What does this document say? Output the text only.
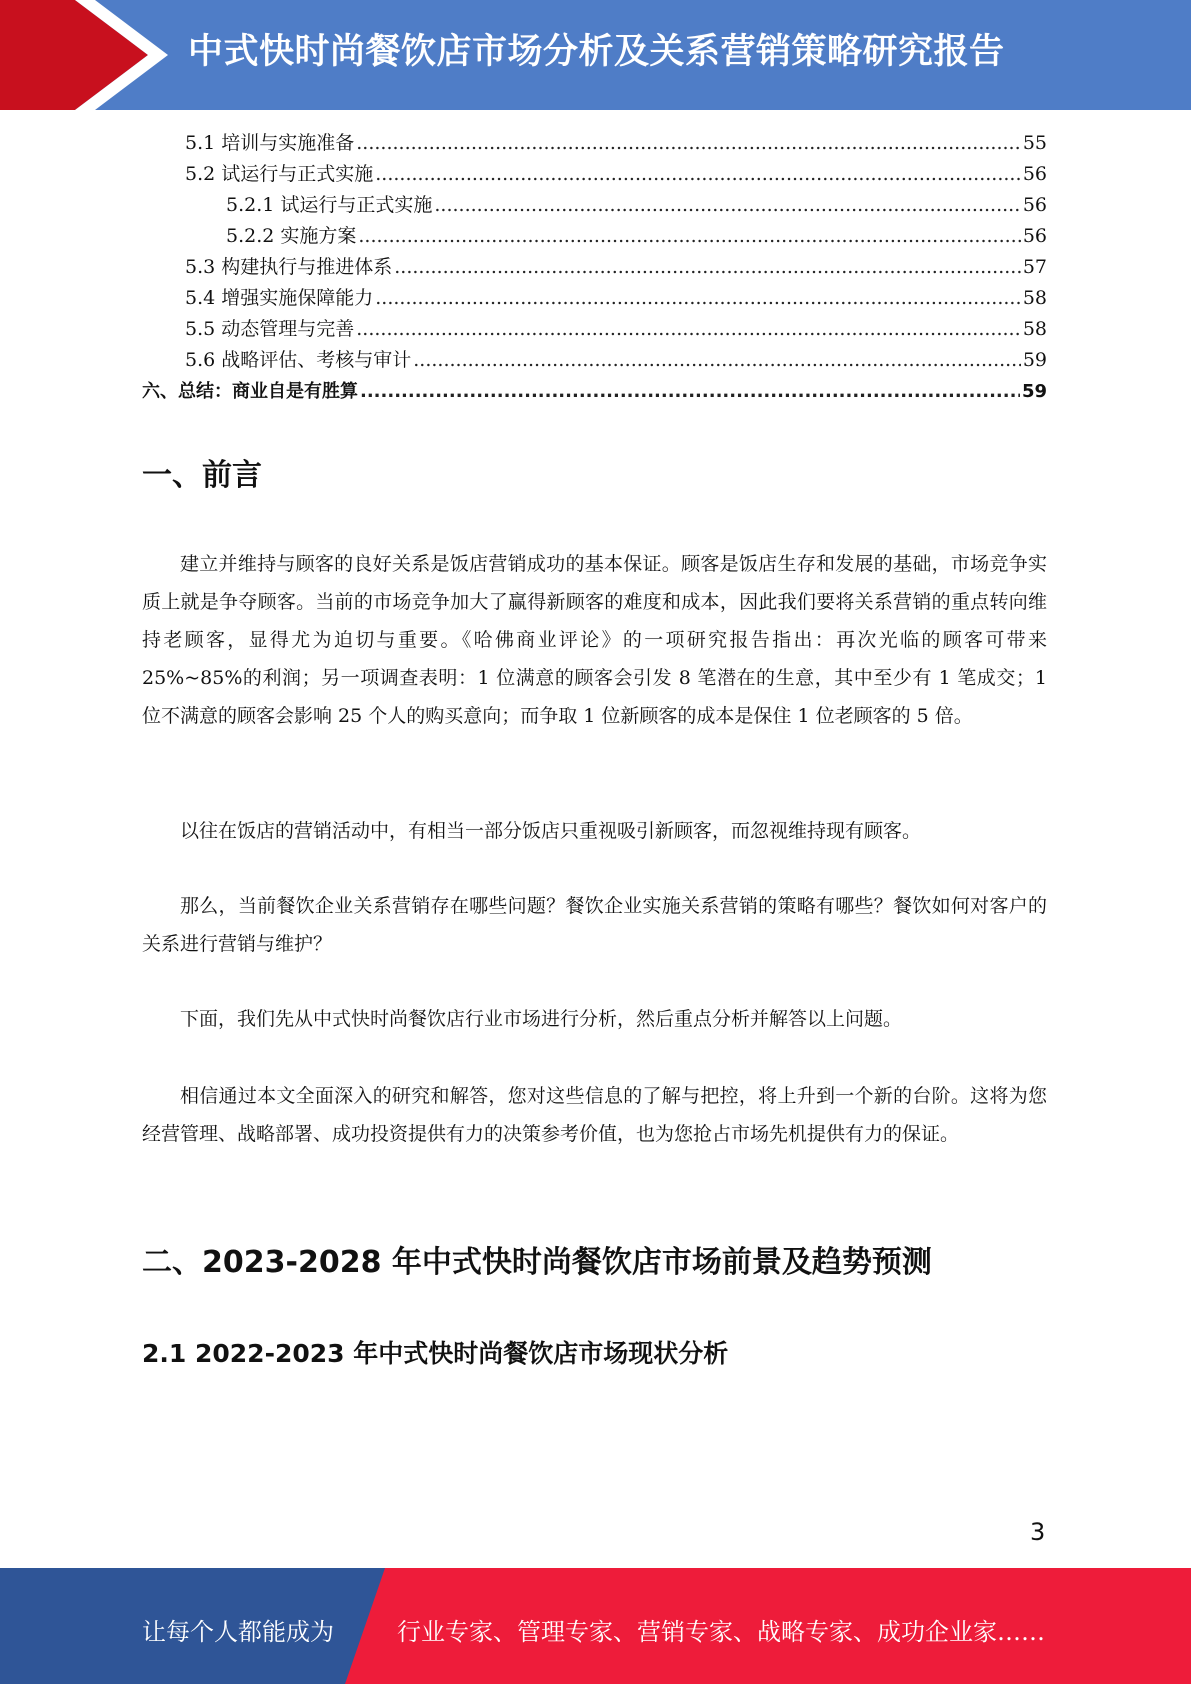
中式快时尚餐饮店市场分析及关系营销策略研究报告
5.1 培训与实施准备 .....	55
5.2 试运行与正式实施 .....	56
5.2.1 试运行与正式实施 .....	56
5.2.2 实施方案 .....	56
5.3 构建执行与推进体系 .....	57
5.4 增强实施保障能力 .....	58
5.5 动态管理与完善 .....	58
5.6 战略评估、考核与审计 .....	59
六、总结：商业自是有胜算 .....	59
一、前言
建立并维持与顾客的良好关系是饭店营销成功的基本保证。顾客是饭店生存和发展的基础，市场竞争实质上就是争夺顾客。当前的市场竞争加大了赢得新顾客的难度和成本，因此我们要将关系营销的重点转向维持老顾客，显得尤为迫切与重要。《哈佛商业评论》的一项研究报告指出：再次光临的顾客可带来 25%~85%的利润；另一项调查表明：1 位满意的顾客会引发 8 笔潜在的生意，其中至少有 1 笔成交；1 位不满意的顾客会影响 25 个人的购买意向；而争取 1 位新顾客的成本是保住 1 位老顾客的 5 倍。
以往在饭店的营销活动中，有相当一部分饭店只重视吸引新顾客，而忽视维持现有顾客。
那么，当前餐饮企业关系营销存在哪些问题？餐饮企业实施关系营销的策略有哪些？餐饮如何对客户的关系进行营销与维护？
下面，我们先从中式快时尚餐饮店行业市场进行分析，然后重点分析并解答以上问题。
相信通过本文全面深入的研究和解答，您对这些信息的了解与把控，将上升到一个新的台阶。这将为您经营管理、战略部署、成功投资提供有力的决策参考价值，也为您抢占市场先机提供有力的保证。
二、2023-2028 年中式快时尚餐饮店市场前景及趋势预测
2.1 2022-2023 年中式快时尚餐饮店市场现状分析
3
让每个人都能成为	行业专家、管理专家、营销专家、战略专家、成功企业家……
